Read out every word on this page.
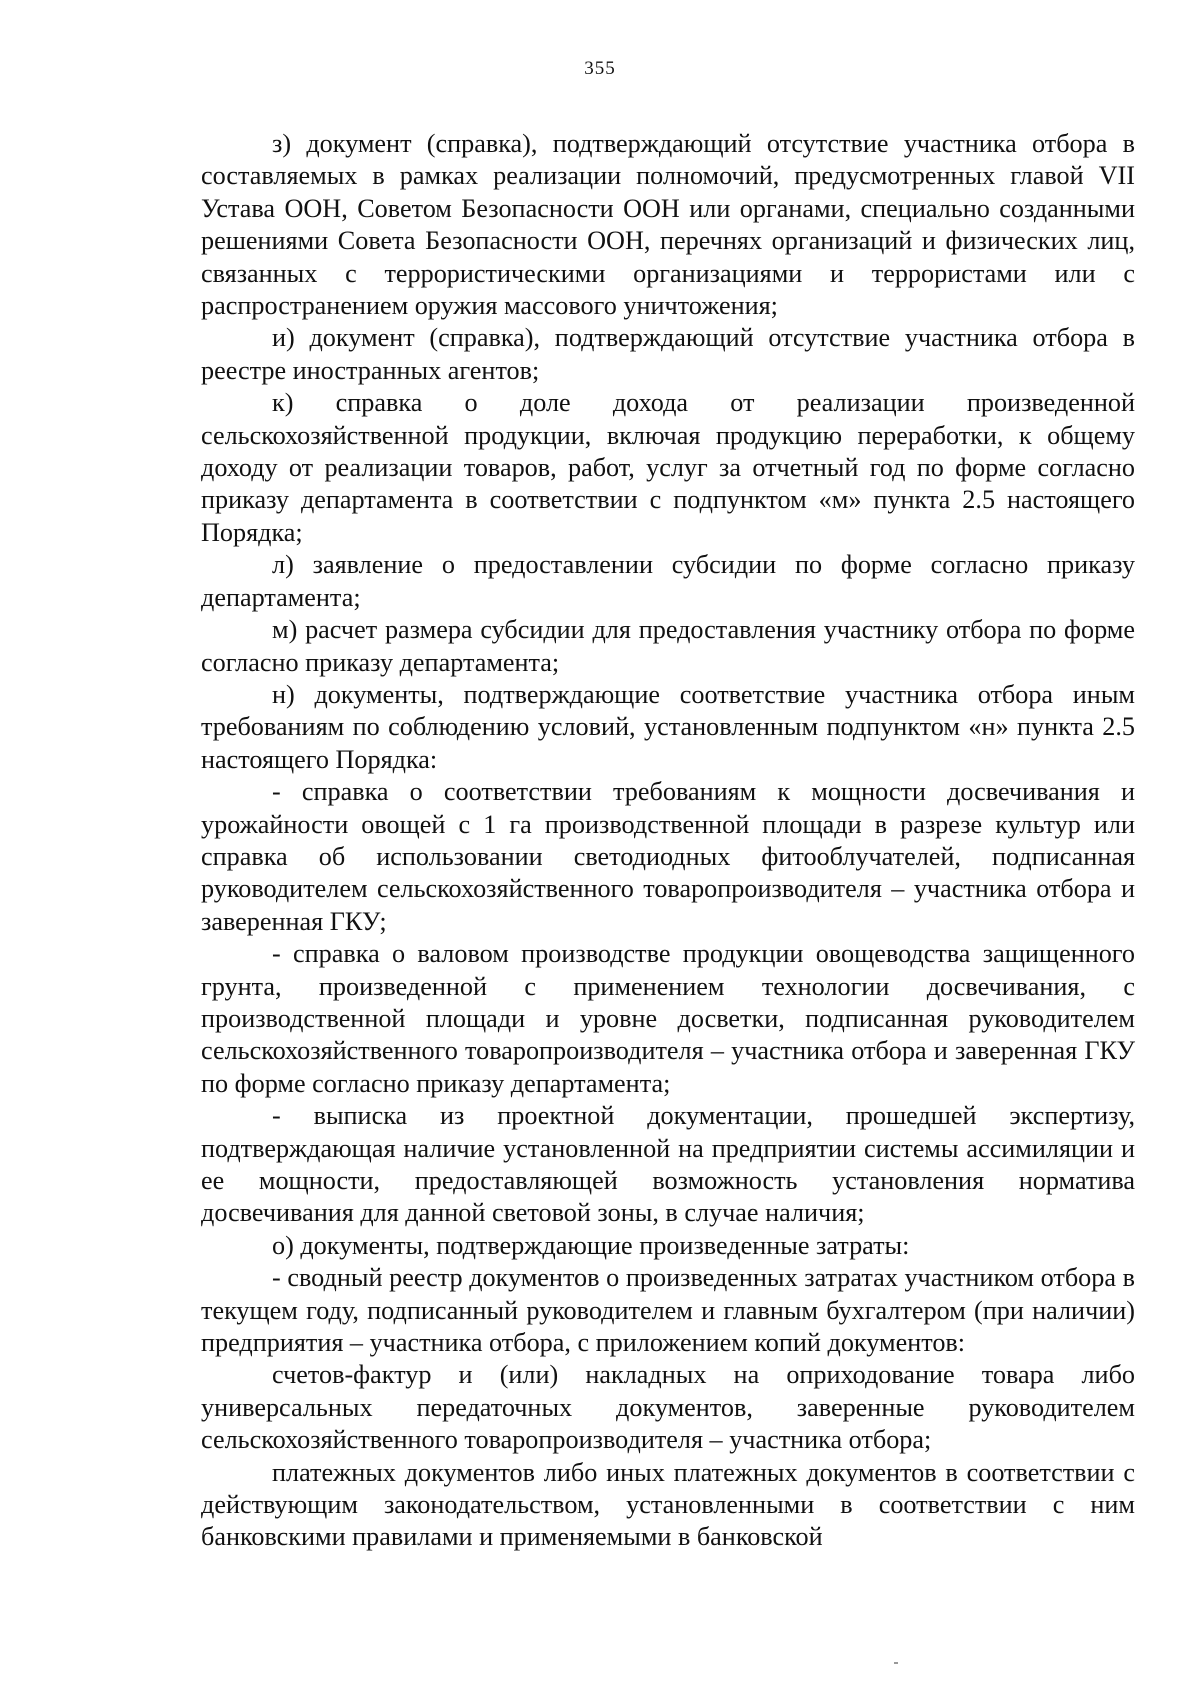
355

з) документ (справка), подтверждающий отсутствие участника отбора в составляемых в рамках реализации полномочий, предусмотренных главой VII Устава ООН, Советом Безопасности ООН или органами, специально созданными решениями Совета Безопасности ООН, перечнях организаций и физических лиц, связанных с террористическими организациями и террористами или с распространением оружия массового уничтожения;

и) документ (справка), подтверждающий отсутствие участника отбора в реестре иностранных агентов;

к) справка о доле дохода от реализации произведенной сельскохозяйственной продукции, включая продукцию переработки, к общему доходу от реализации товаров, работ, услуг за отчетный год по форме согласно приказу департамента в соответствии с подпунктом «м» пункта 2.5 настоящего Порядка;

л) заявление о предоставлении субсидии по форме согласно приказу департамента;

м) расчет размера субсидии для предоставления участнику отбора по форме согласно приказу департамента;

н) документы, подтверждающие соответствие участника отбора иным требованиям по соблюдению условий, установленным подпунктом «н» пункта 2.5 настоящего Порядка:

- справка о соответствии требованиям к мощности досвечивания и урожайности овощей с 1 га производственной площади в разрезе культур или справка об использовании светодиодных фитооблучателей, подписанная руководителем сельскохозяйственного товаропроизводителя – участника отбора и заверенная ГКУ;

- справка о валовом производстве продукции овощеводства защищенного грунта, произведенной с применением технологии досвечивания, с производственной площади и уровне досветки, подписанная руководителем сельскохозяйственного товаропроизводителя – участника отбора и заверенная ГКУ по форме согласно приказу департамента;

- выписка из проектной документации, прошедшей экспертизу, подтверждающая наличие установленной на предприятии системы ассимиляции и ее мощности, предоставляющей возможность установления норматива досвечивания для данной световой зоны, в случае наличия;

о) документы, подтверждающие произведенные затраты:

- сводный реестр документов о произведенных затратах участником отбора в текущем году, подписанный руководителем и главным бухгалтером (при наличии) предприятия – участника отбора, с приложением копий документов:

счетов-фактур и (или) накладных на оприходование товара либо универсальных передаточных документов, заверенные руководителем сельскохозяйственного товаропроизводителя – участника отбора;

платежных документов либо иных платежных документов в соответствии с действующим законодательством, установленными в соответствии с ним банковскими правилами и применяемыми в банковской
